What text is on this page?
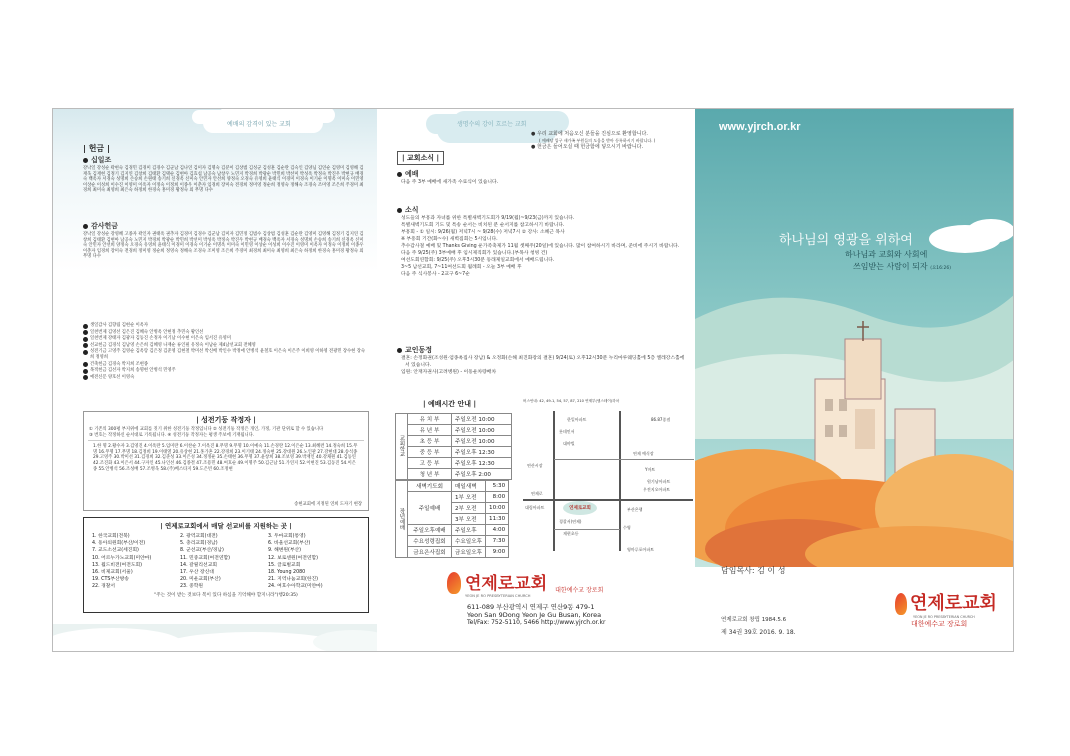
예배의 감격이 있는 교회
| 헌금 |
십일조
강낙일 강성순 곽현숙 김경민 김경미 김경수 김군남 김나연 김미자 김명숙 김분이 김상범 김성군 김성훈 김순란 김숙인 김양님 김연순 김영미 김영해 김재욱 김재현 김정기 김지연 김창희 김태환 김택순 김현아 김효섭 남공숙 남창우 노민지 박경희 박광순 박민희 박선미 박성옥 박정숙 박진우 박현규 배경숙 백옥자 서경숙 성명희 손승희 손원태 송기희 신경옥 신미숙 안민자 안선희 양정숙 오경숙 유영희 윤태식 이경미 이경숙 이기순 이명옥 이미숙 이민영 이상순 이성희 이수진 이영미 이옥자 이정숙 이정희 이종우 이춘자 임경희 장미숙 전경희 정미영 정순희 정영숙 정해숙 조경숙 조미영 조은희 주경미 최경희 최미숙 최영희 최은숙 하정희 한경숙 홍미경 황정숙 외 무명 다수
감사헌금
강낙일 강성순 강영혜 고종자 곽인자 권태옥 권추자 김경미 김경수 김군남 김미자 김민정 김범수 김상범 김성훈 김순란 김영미 김영해 김정기 김지연 김창희 김태환 김현아 남공숙 노민지 박경희 박광순 박민희 박선미 박성옥 박정숙 박진우 박현규 배경숙 백옥자 서경숙 성명희 손승희 송기희 신경옥 신미숙 안민자 안선희 양정숙 오경숙 유영희 윤태식 이경미 이경숙 이기순 이명옥 이미숙 이민영 이상순 이성희 이수진 이영미 이옥자 이정숙 이정희 이종우 이춘자 임경희 장미숙 전경희 정미영 정순희 정영숙 정해숙 조경숙 조미영 조은희 주경미 최경희 최미숙 최영희 최은숙 하정희 한경숙 홍미경 황정숙 외 무명 다수
생일감사 김향림 김현순 이옥자
일천번제 김영선 김은진 김혜숙 안병옥 안현정 추민숙 황인선
일천번제 강태자 김광자 김동진 손정자 이기남 이수현 이은숙 임서진 유영미
선교헌금 김경석 김남영 손은희 김혜영 나재순 류인필 유정숙 이남순 제4남선교회 전혜영
성전기금 고영주 김영순 김옥랑 김은정 김준영 김현철 박미선 박신배 박인수 박정애 안병석 윤철호 이은숙 이은주 이희영 이하영 전광민 장수현 장숙희 정영희
건축헌금 김경숙 박지희 조현종
목적헌금 김선자 박지희 송명현 안병석 민영주
예전신문 양호선 이영숙
| 성전기둥 작정자 |
① 기존의 300평 부지위에 교회를 짓기 위한 성전기둥 작정입니다 ② 성전기둥 작정은 개인, 가정, 기관 단위로 할 수 있습니다
③ 번호는 작정하신 순서대로 기록됩니다. ④ 성전기둥 작정자는 평생 주보에 기재됩니다.
1.한 명 2.황수자 3.김영진 4.이옥란 5.임미란 6.이찬순 7.이옥진 8.무명 9.무명 10.이예숙 11.손경란 12.이은순 13.최혜련 14.정숙희 15.무명 16.무명 17.무명 18.김정희 19.이태열 20.유상현 21.홍가흔 22.강경희 23.이기태 24.정숙현 25.강대원 26.노인관 27.강현대 28.송석종 29.고영주 30.박미선 31.김경희 32.김준성 33.이은성 34.정정운 35.손태현 36.무명 37.윤창희 38.조보영 39.박재인 40.강채원 41.김동연 42.조진화 43.이은서 44.구자인 45.나인선 46.김종결 47.조용민 48.여호순 49.이명주 50.김근남 51.가연지 52.이현진 53.김동진 54.이은종 55.안병석 56.조성배 57.조병욱 58.(주)베스타지 59.도은빈 60.조정현
송현교회에 지정된 연희 도자기 현장
| 연제로교회에서 매달 선교비를 지원하는 곳 |
1. 한국교회(전북)	2. 광역교회(대전)	3. 두마교회(통영)
4. 동아의원회(부산/이전)	5. 충리교회(경남)	6. 바울선교회(부산)
7. 교도소선교(세진회)	8. 군선교(부산/경남)	9. 해변원(부산)
10. 어르누가노교회(미얀마)	11. 민중교회(여전연합)	12. 보로센원(여전연합)
13. 월드비전(여전도회)	14. 갈릴리선교회	15. 글로벌교회
16. 비제교회(서울)	17. 우산 장신대	18. Young 2080
19. CTS부산방송	20. 미운교회(부산)	21. 지역나눔교회(한진)
22. 경찰서	23. 중학원	24. 여호수아학교(미얀마)
"주는 것이 받는 것보다 복이 있다 하심을 기억해야 할지니라"(행20:35)
생명수의 강이 흐르는 교회
● 우리 교회에 처음오신 분들을 진심으로 환영합니다.
( 예배당 입구 새가족 부원들의 도움을 받아 등록하시기 바랍니다. )
● 헌금은 들어오실 때 헌금함에 넣으시기 바랍니다.
| 교회소식 |
예배
다음 주 3부 예배에 새가족 수료식이 있습니다.
소식
성도들의 부흥과 자녀를 위한 특별새벽기도회가 9/19(월)~9/23(금)까지 있습니다.
특별새벽기도회 기도 및 특송 순서는 비치된 분 순서지를 참고하시기 바랍니다.
부흥회 - ① 일시: 9/26(월) 저녁7시 ~ 9/28(수) 저녁7시 ② 강사: 소혜근 목사
※ 부흥회 기간(화~수) 새벽집회는 5시입니다.
추수감사절 예배 및 Thanks Giving 운가족축제가 11월 셋째주(20일)에 있습니다. 많이 참여하시기 바라며, 준비에 주시기 바랍니다.
다음 주 9/25(주) 3부예배 후 임시제직회가 있습니다.(부목사 청빙 건)
여선도회연합회: 9/25(주) 오후3시30분 동래제일교회에서 예배드립니다.
3~5 남선교회, 7~11여선도회 월례회 - 오늘 3부 예배 후
다음 주 식사봉사 - 2교구 6~7순
교인동정
결혼: 손정화권(조성원·엄종옥집사 장남) & 오정화(손해 최진화장의 결혼) 9/24(토) 오후12시30분 누리마루웨딩홀에 5층 엘레강스홀에서 있습니다.
입원: 안재자권사(고려병원) - 이동운차량배차
| 예배시간 안내 |
교회학교	유 치 부	주일오전 10:00
	유 년 부	주일오전 10:00
	초 등 부	주일오전 10:00
	중 등 부	주일오후 12:30
	고 등 부	주일오후 12:30
	청 년 부	주일오후 2:00
장년예배	새벽기도회	매일새벽	5:30
	주일예배	1부 오전	8:00
		2부 오전	10:00
		3부 오전	11:30
	주일오후예배	주일오후	4:00
	수요성령집회	수요일오후	7:30
	금요은사집회	금요일오후	9:00
버스안내: 42, 49-1, 54, 57, 87, 210 연제부(엠스테이)하차
한일아파트	86.87종점
롯데인서
대야빌
연제 예식장
연산시장
Y마트
연제로
대림아파트
원기남아파트
우전지오아파트
부산은행
연제로교회
경찰서(연제)
재현초등
영마루포아파트
수영
연제로교회 대한예수교 장로회
YEON JE RO PRESBYTERIAN CHURCH
611-089 부산광역시 연제구 연산9동 479-1
Yeon San 9Dong Yeon Je Gu Busan, Korea
Tel/Fax: 752-5110, 5466 http://www.yjrch.or.kr
www.yjrch.or.kr
하나님의 영광을 위하여
하나님과 교회와 사회에
쓰임받는 사람이 되자 (요16:26)
담임목사: 김 이 성
연제로교회 창립 1984.5.6
제 34권 39호 2016. 9. 18.
연제로교회
YEON JE RO PRESBYTERIAN CHURCH
대한예수교 장로회
